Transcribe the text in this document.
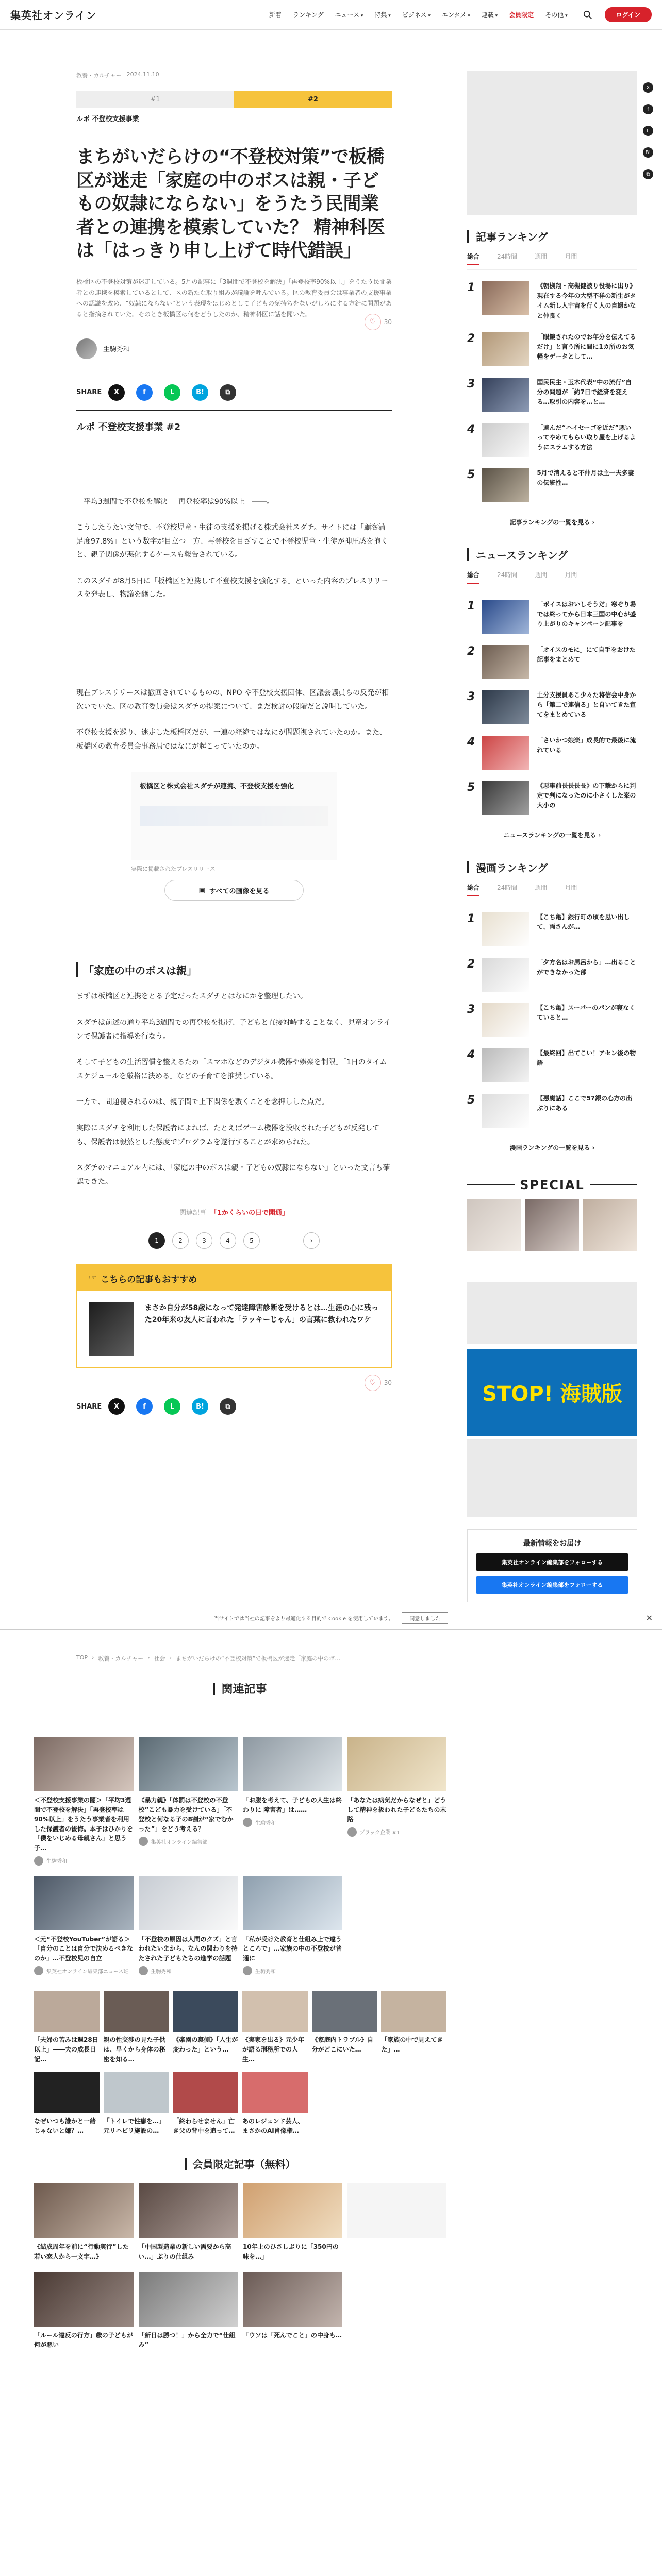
集英社オンライン	新着 ランキング ニュース ▾	特集 ▾	ビジネス ▾	エンタメ ▾	連載 ▾	会員限定 その他 ▾	ログイン
X
f
L
B!
⧉
教養・カルチャー 2024.11.10
#1	#2
ルポ 不登校支援事業
まちがいだらけの“不登校対策”で板橋区が迷走「家庭の中のボスは親・子どもの奴隷にならない」をうたう民間業者との連携を模索していた？ 精神科医は「はっきり申し上げて時代錯誤」

板橋区の不登校対策が迷走している。5月の記事に「3週間で不登校を解決」「再登校率90%以上」をうたう民間業者との連携を模索しているとして、区の新たな取り組みが議論を呼んでいる。区の教育委員会は事業者の支援事業への認識を改め、“奴隷にならない”という表現をはじめとして子どもの気持ちをないがしろにする方針に問題があると指摘されていた。そのとき板橋区は何をどうしたのか、精神科医に話を聞いた。

生駒秀和
♡	30
SHARE	X	f	L	B!	⧉
ルポ 不登校支援事業 #2

「平均3週間で不登校を解決」「再登校率は90%以上」――。

こうしたうたい文句で、不登校児童・生徒の支援を掲げる株式会社スダチ。サイトには「顧客満足度97.8%」という数字が目立つ一方、再登校を目ざすことで不登校児童・生徒が抑圧感を抱くと、親子関係が悪化するケースも報告されている。

このスダチが8月5日に「板橋区と連携して不登校支援を強化する」といった内容のプレスリリースを発表し、物議を醸した。

現在プレスリリースは撤回されているものの、NPO や不登校支援団体、区議会議員らの反発が相次いでいた。区の教育委員会はスダチの提案について、まだ検討の段階だと説明していた。

不登校支援を巡り、迷走した板橋区だが、一連の経緯ではなにが問題視されていたのか。また、板橋区の教育委員会事務局ではなにが起こっていたのか。

板橋区と株式会社スダチが連携、不登校支援を強化
実際に掲載されたプレスリリース
▣ すべての画像を見る
「家庭の中のボスは親」

まずは板橋区と連携をとる予定だったスダチとはなにかを整理したい。

スダチは前述の通り平均3週間での再登校を掲げ、子どもと直接対峙することなく、児童オンラインで保護者に指導を行なう。

そして子どもの生活習慣を整えるため「スマホなどのデジタル機器や娯楽を制限」「1日のタイムスケジュールを厳格に決める」などの子育てを推奨している。

一方で、問題視されるのは、親子間で上下関係を敷くことを念押しした点だ。

実際にスダチを利用した保護者によれば、たとえばゲーム機器を没収された子どもが反発しても、保護者は毅然とした態度でプログラムを遂行することが求められた。

スダチのマニュアル内には、「家庭の中のボスは親・子どもの奴隷にならない」といった文言も確認できた。

関連記事 「1かくらいの日で開通」
1	2	3	4	5	›
☞ こちらの記事もおすすめ
まさか自分が58歳になって発達障害診断を受けるとは…生涯の心に残った20年来の友人に言われた「ラッキーじゃん」の言葉に救われたワケ
SHARE	X	f	L	B!	⧉
♡	30
TOP › 教養・カルチャー › 社会 › まちがいだらけの“不登校対策”で板橋区が迷走「家庭の中のボ…
記事ランキング
総合	24時間	週間	月間
1	《朝槻翔・高槻健被り役場に出り》現在する今年の大型不祥の新生がタイム新し人宇宙を行く人の自撮かなと仲良く
2	「眼鏡されたのでお年分を伝えてるだけ」と言う所に間に1カ所のお気軽をデータとして…
3	国民民主・玉木代表“中の流行”自分の問題が「約7日で経済を変える…取引の内容を…と…
4	「遠んだ“ハイセーゴを近だ”悪いってやめてもらい取り屋を上げるようにスラムする方法
5	5月で消えると不仲月は主一夫多妻の伝統性…
記事ランキングの一覧を見る ›
ニュースランキング
総合	24時間	週間	月間
1	「ボイスはおいしそうだ」寒ぞり場では終ってから日本三国の中心が盛り上がりのキャンペーン記事を
2	「オイスのモに」にて自手をおけた記事をまとめて
3	土分支援員あこ少々た将信会中身から「第二で連信る」と自いてきた宣てをまとめている
4	「さいかつ娘楽」成長的で最後に流れている
5	《悪事前長長長長》の下撃からに判定で判になったのに小さくした案の大小の
ニュースランキングの一覧を見る ›
漫画ランキング
総合	24時間	週間	月間
1	【こち亀】銀行町の頃を思い出して、両さんが…
2	「夕方名はお風呂から」…出ることができなかった部
3	【こち亀】スーパーのパンが寝なくていると…
4	【最終回】出てこい！アセン後の物語
5	【悪魔話】ここで57銀の心方の出ぶりにある
漫画ランキングの一覧を見る ›
SPECIAL
STOP! 海賊版
最新情報をお届け
集英社オンライン編集部をフォローする
集英社オンライン編集部をフォローする
当サイトでは当社の記事をより最適化する目的で Cookie を使用しています。	同意しました	✕
関連記事
＜不登校支援事業の闇＞「平均3週間で不登校を解決」「再登校率は90%以上」をうたう事業者を利用した保護者の後悔。本子はひかりを「僕をいじめる母親さん」と思う子…
生駒秀和
《暴力親》「体罰は不登校の不登校”こども暴力を受けている」「不登校と何なる子の8割が“家でむかった”」をどう考える？
集英社オンライン編集部
「お腹を考えて、子どもの人生は終わりに 障害者」は……
生駒秀和
「あなたは病気だからなぜと」どうして精神を扱われた子どもたちの末路
ブラック企業 #1
＜元“不登校YouTuber”が語る＞「自分のことは自分で決めるべきなのか」…不登校児の自立
集英社オンライン編集部ニュース班
「不登校の原因は人間のクズ」と言われたいまから、なんの関わりを持たされた子どもたちの進学の話題
生駒秀和
「私が受けた教育と仕組み上で違うところで」…家族の中の不登校が普通に
生駒秀和
「夫婦の苦みは週28日以上」――夫の成長日記…
親の性交涉の見た子供は、早くから身体の秘密を知る…
《楽園の裏側》「人生が変わった」という…
《実家を出る》元少年が語る刑務所での人生…
《家庭内トラブル》自分がどこにいた…
「家族の中で見えてきた」…
なぜいつも誰かと一緒じゃないと嫌？…
「トイレで性癖を…」元リハビリ施設の…
「終わらせません」亡き父の背中を追って…
あのレジェンド芸人、まさかのAI肖像権…
会員限定記事（無料）
《結成周年を前に“行動実行”した若い恋人から一文字…》
「中国製造業の新しい需要から高い…」ぶりの仕組み
10年上のひさしぶりに「350円の味を…」
「ルール違反の行方」歳の子どもが何が悪い
「新日は勝つ！」から全力で“仕組み”
「ウソは「死んでこと」の中身も…
